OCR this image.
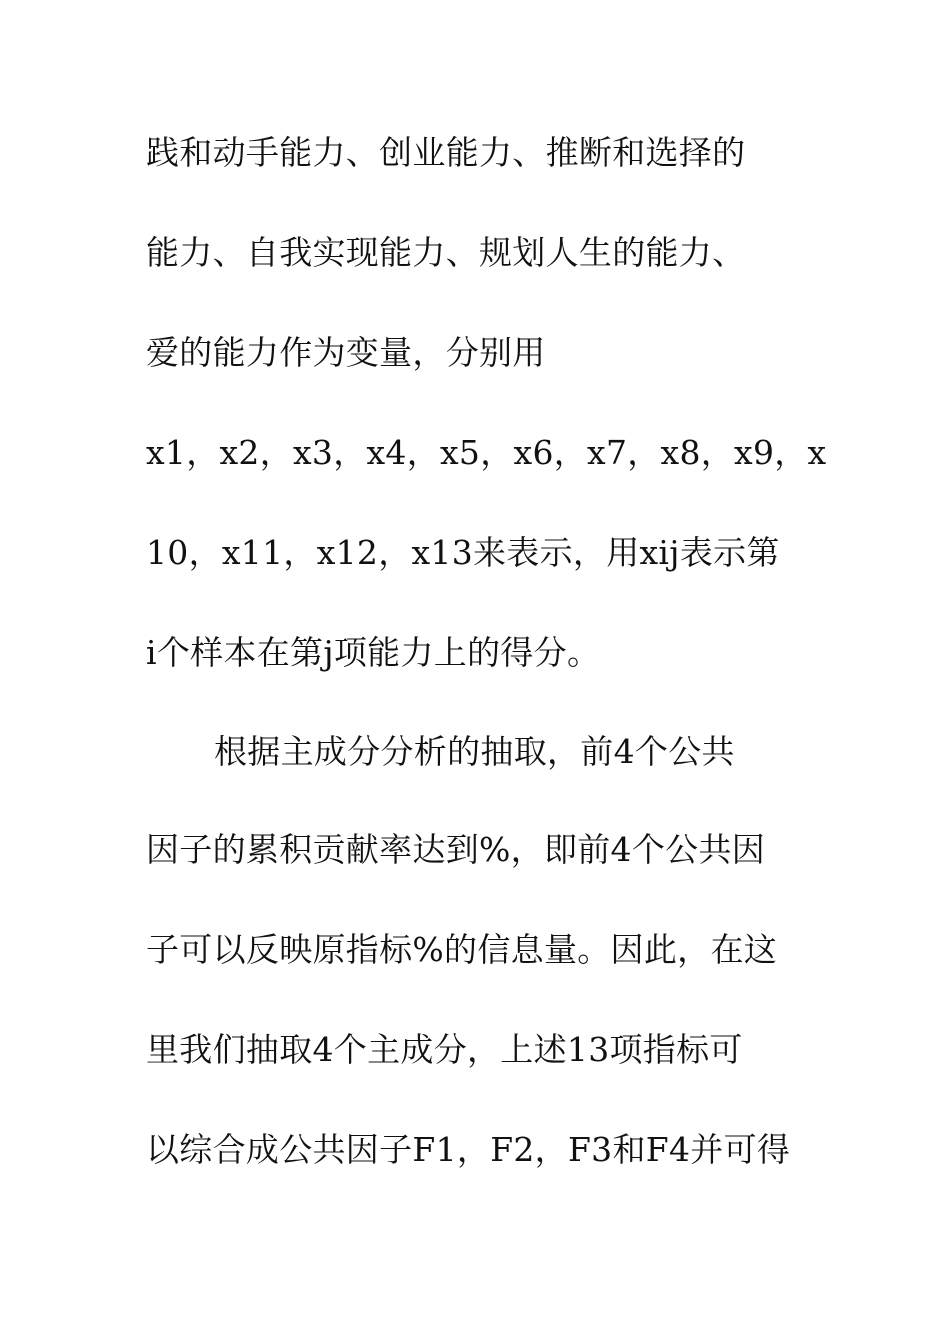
践和动手能力、创业能力、推断和选择的
能力、自我实现能力、规划人生的能力、
爱的能力作为变量，分别用
x1，x2，x3，x4，x5，x6，x7，x8，x9，x
10，x11，x12，x13来表示，用xij表示第
i个样本在第j项能力上的得分。
根据主成分分析的抽取，前4个公共
因子的累积贡献率达到%，即前4个公共因
子可以反映原指标%的信息量。因此，在这
里我们抽取4个主成分，上述13项指标可
以综合成公共因子F1，F2，F3和F4并可得
